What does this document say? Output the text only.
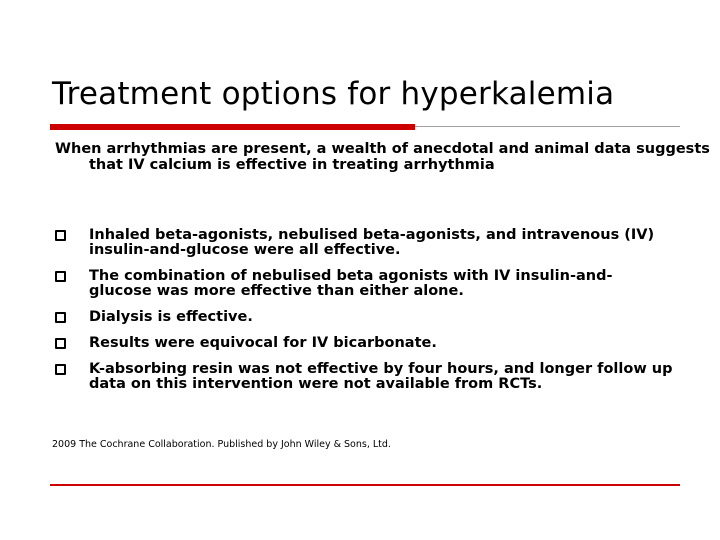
Treatment options for hyperkalemia
When arrhythmias are present, a wealth of anecdotal and animal data suggests that IV calcium is effective in treating arrhythmia
Inhaled beta-agonists, nebulised beta-agonists, and intravenous (IV) insulin-and-glucose were all effective.
The combination of nebulised beta agonists with IV insulin-and-glucose was more effective than either alone.
Dialysis is effective.
Results were equivocal for IV bicarbonate.
K-absorbing resin was not effective by four hours, and longer follow up data on this intervention were not available from RCTs.
2009 The Cochrane Collaboration. Published by John Wiley & Sons, Ltd.
